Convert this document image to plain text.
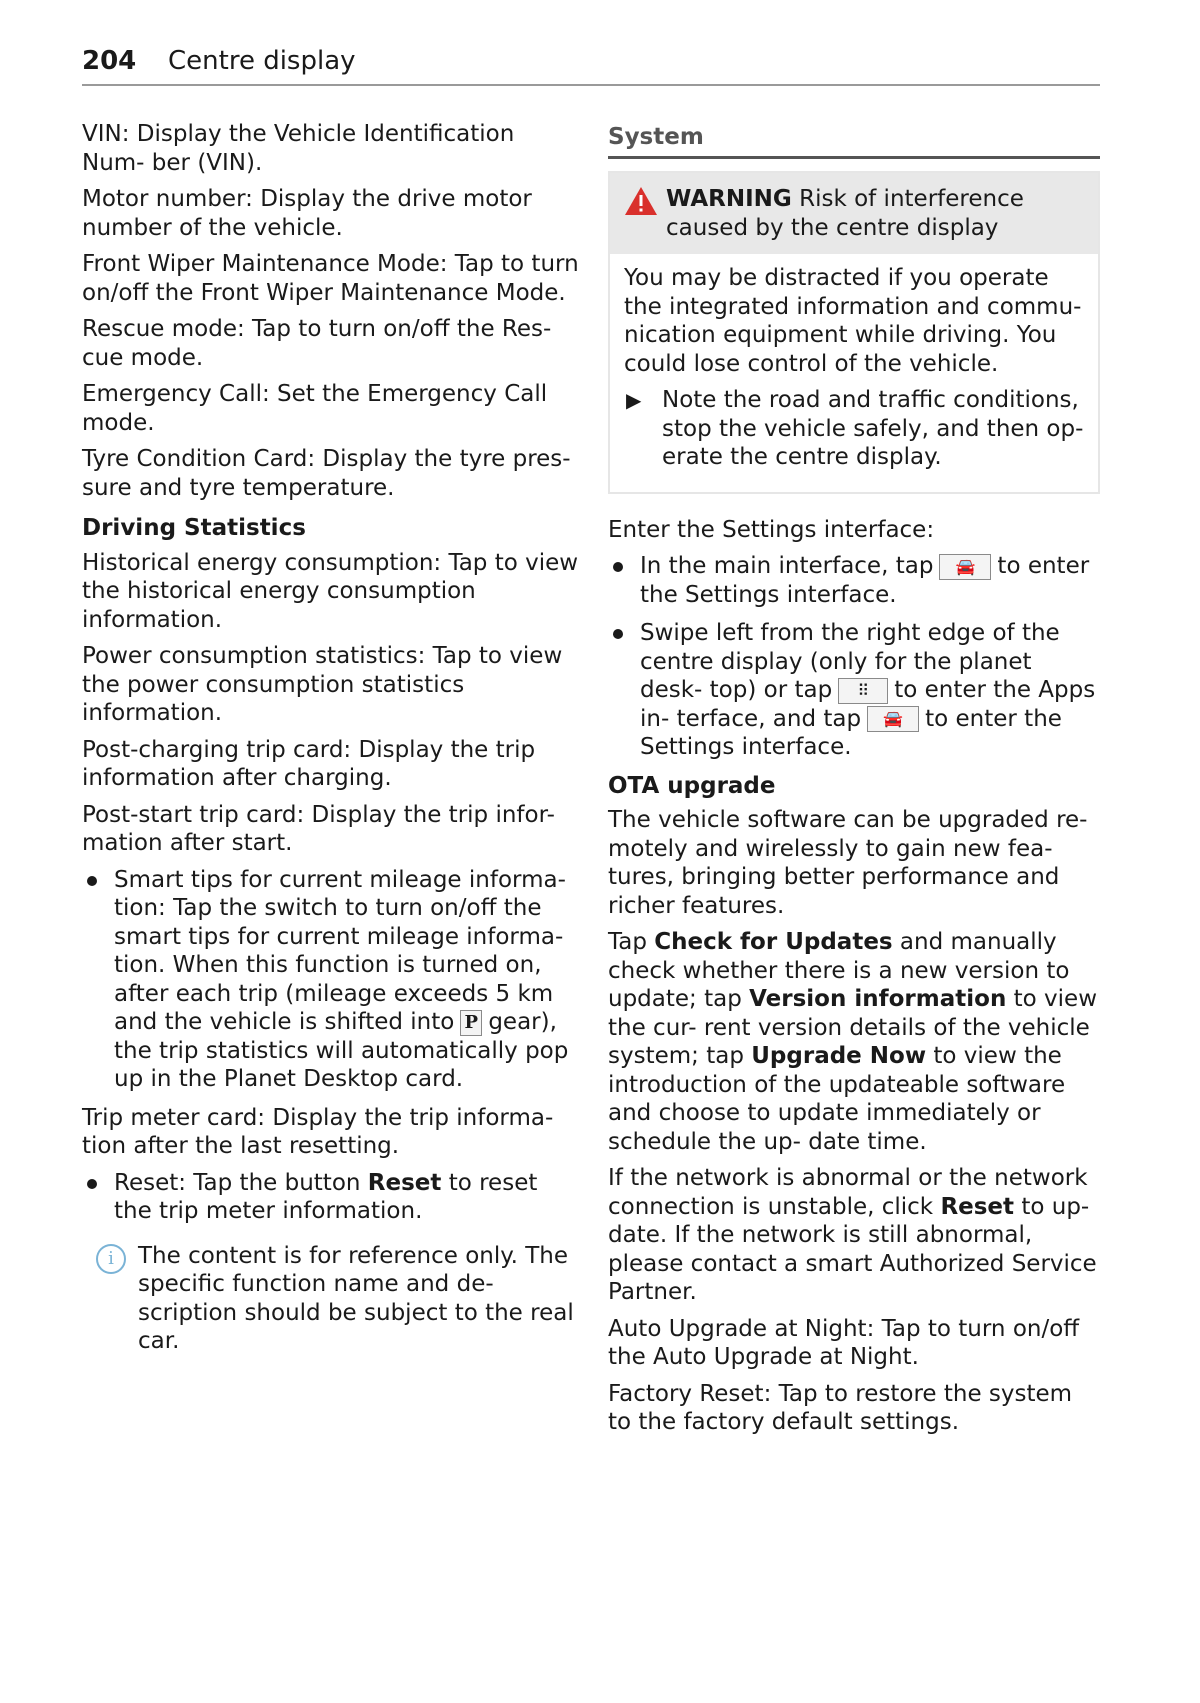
204 Centre display

VIN: Display the Vehicle Identification Num- ber (VIN).

Motor number: Display the drive motor number of the vehicle.

Front Wiper Maintenance Mode: Tap to turn on/off the Front Wiper Maintenance Mode.

Rescue mode: Tap to turn on/off the Res- cue mode.

Emergency Call: Set the Emergency Call mode.

Tyre Condition Card: Display the tyre pres- sure and tyre temperature.

Driving Statistics

Historical energy consumption: Tap to view the historical energy consumption information.

Power consumption statistics: Tap to view the power consumption statistics information.

Post-charging trip card: Display the trip information after charging.

Post-start trip card: Display the trip infor- mation after start.

Smart tips for current mileage informa- tion: Tap the switch to turn on/off the smart tips for current mileage informa- tion. When this function is turned on, after each trip (mileage exceeds 5 km and the vehicle is shifted into P gear), the trip statistics will automatically pop up in the Planet Desktop card.

Trip meter card: Display the trip informa- tion after the last resetting.

Reset: Tap the button Reset to reset the trip meter information.
i	The content is for reference only. The specific function name and de- scription should be subject to the real car.
System
WARNING Risk of interference caused by the centre display

You may be distracted if you operate the integrated information and commu- nication equipment while driving. You could lose control of the vehicle.

▶ Note the road and traffic conditions, stop the vehicle safely, and then op- erate the centre display.

Enter the Settings interface:

In the main interface, tap 🚘 to enter the Settings interface.
Swipe left from the right edge of the centre display (only for the planet desk- top) or tap ⠿ to enter the Apps in- terface, and tap 🚘 to enter the Settings interface.
OTA upgrade

The vehicle software can be upgraded re- motely and wirelessly to gain new fea- tures, bringing better performance and richer features.

Tap Check for Updates and manually check whether there is a new version to update; tap Version information to view the cur- rent version details of the vehicle system; tap Upgrade Now to view the introduction of the updateable software and choose to update immediately or schedule the up- date time.

If the network is abnormal or the network connection is unstable, click Reset to up- date. If the network is still abnormal, please contact a smart Authorized Service Partner.

Auto Upgrade at Night: Tap to turn on/off the Auto Upgrade at Night.

Factory Reset: Tap to restore the system to the factory default settings.
